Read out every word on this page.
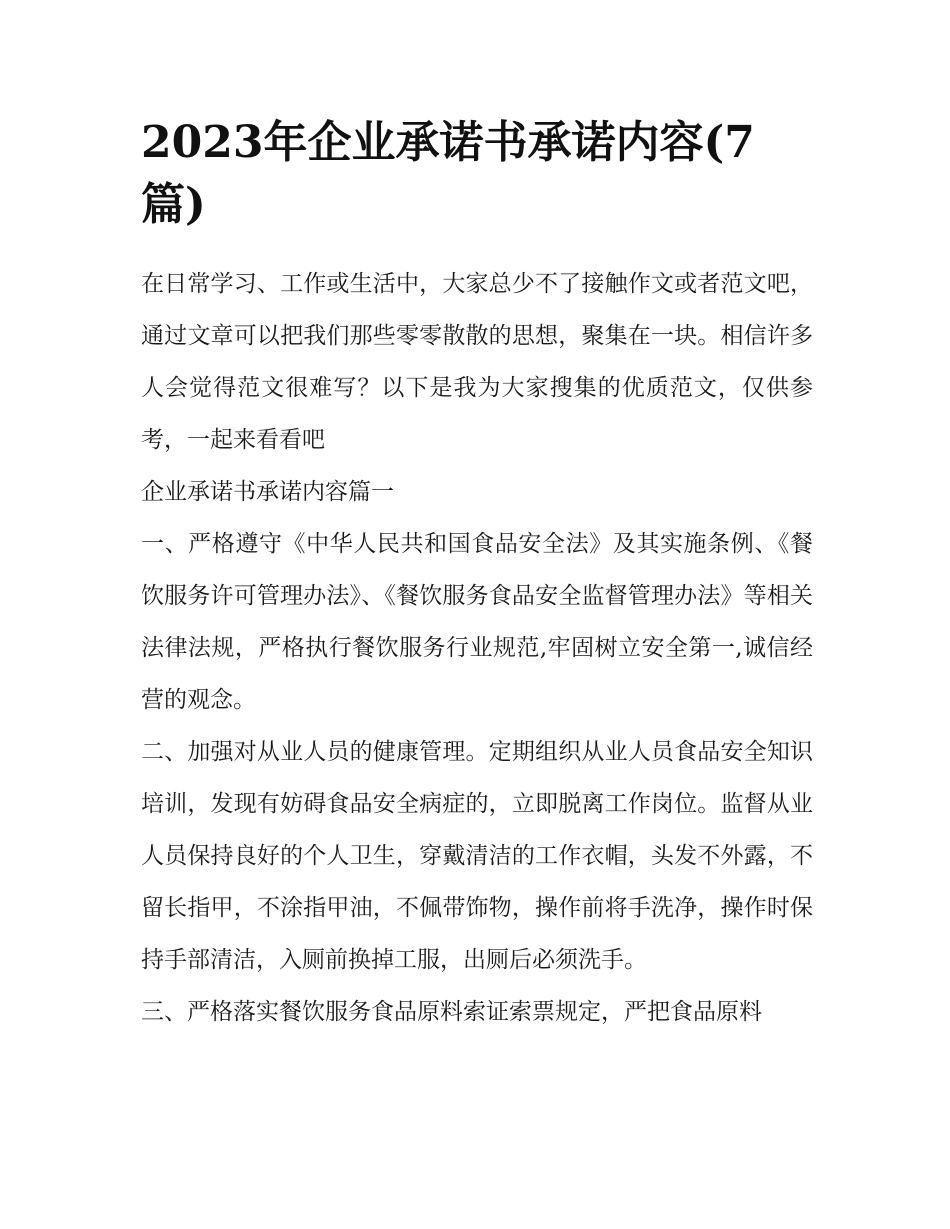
2023年企业承诺书承诺内容(7篇)

在日常学习、工作或生活中，大家总少不了接触作文或者范文吧，通过文章可以把我们那些零零散散的思想，聚集在一块。相信许多人会觉得范文很难写？以下是我为大家搜集的优质范文，仅供参考，一起来看看吧

企业承诺书承诺内容篇一

一、严格遵守《中华人民共和国食品安全法》及其实施条例、《餐饮服务许可管理办法》、《餐饮服务食品安全监督管理办法》等相关法律法规，严格执行餐饮服务行业规范,牢固树立安全第一,诚信经营的观念。

二、加强对从业人员的健康管理。定期组织从业人员食品安全知识培训，发现有妨碍食品安全病症的，立即脱离工作岗位。监督从业人员保持良好的个人卫生，穿戴清洁的工作衣帽，头发不外露，不留长指甲，不涂指甲油，不佩带饰物，操作前将手洗净，操作时保持手部清洁，入厕前换掉工服，出厕后必须洗手。

三、严格落实餐饮服务食品原料索证索票规定，严把食品原料
